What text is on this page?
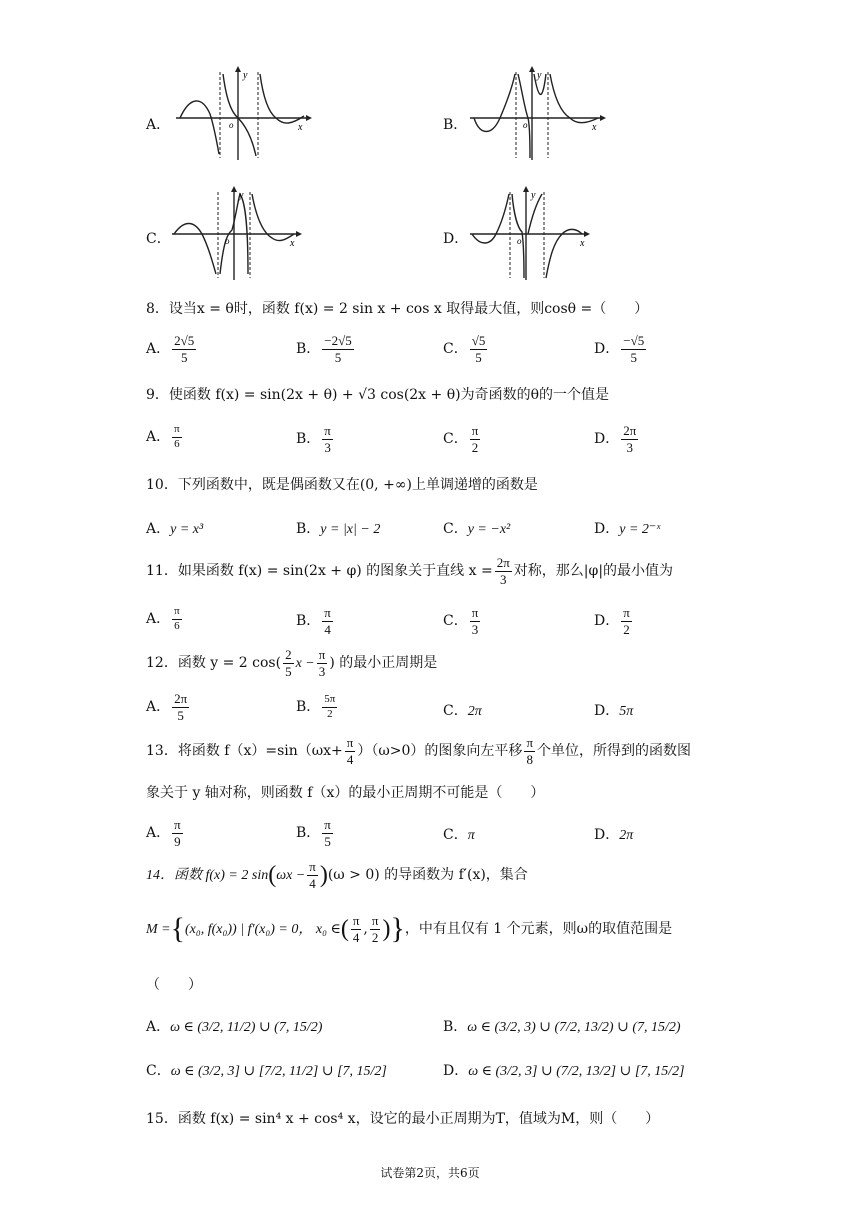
A．	x
y
o	B．	x
y
o
C．	x
y
o	D．	x
y
o
8．设当x = θ时，函数 f(x) = 2 sin x + cos x 取得最大值，则cosθ =（　　）
A． $\frac{2√5}{5}$	B． $\frac{-2√5}{5}$	C． $\frac{√5}{5}$	D． $\frac{-√5}{5}$
9．使函数 f(x) = sin(2x + θ) + √3 cos(2x + θ)为奇函数的θ的一个值是
A． $\frac{\pi}{6}$	B． $\frac{\pi}{3}$	C． $\frac{\pi}{2}$	D． $\frac{2\pi}{3}$
10．下列函数中，既是偶函数又在(0, +∞)上单调递增的函数是
A．y = x³	B．y = |x| − 2	C．y = −x²	D．y = 2⁻ˣ
11．如果函数 f(x) = sin(2x + φ) 的图象关于直线 $x = \frac{2\pi}{3}$ 对称，那么|φ|的最小值为
A． $\frac{\pi}{6}$	B． $\frac{\pi}{4}$	C． $\frac{\pi}{3}$	D． $\frac{\pi}{2}$
12．函数 y = 2 $\cos( \frac{2}{5}$ $x - \frac{\pi}{3}$ ) 的最小正周期是
A． $\frac{2\pi}{5}$	B． $\frac{5\pi}{2}$	C．2π	D．5π
13．将函数 $f(x)=\sin(\omega x+ \frac{\pi}{4} )(\omega>0)$的图象向左平移 $\frac{\pi}{8}$ 个单位，所得到的函数图
象关于 y 轴对称，则函数 f（x）的最小正周期不可能是（　　）
A． $\frac{\pi}{9}$	B． $\frac{\pi}{5}$	C．π	D．2π
14．函数 f(x) = 2 $\sin(\omega x - \frac{\pi}{4} )(\omega > 0)$ 的导函数为 f′(x)，集合
M ={(x₀, f(x₀)) | f′(x₀) = 0， x₀ ∈( $\frac{\pi}{4}$ , $\frac{\pi}{2}$ )}，中有且仅有 1 个元素，则ω的取值范围是
（　　）
A．ω ∈ (3/2, 11/2) ∪ (7, 15/2)	B．ω ∈ (3/2, 3) ∪ (7/2, 13/2) ∪ (7, 15/2)
C．ω ∈ (3/2, 3] ∪ [7/2, 11/2] ∪ [7, 15/2]	D．ω ∈ (3/2, 3] ∪ (7/2, 13/2] ∪ [7, 15/2]
15．函数 f(x) = sin⁴ x + cos⁴ x，设它的最小正周期为T，值域为M，则（　　）
试卷第2页，共6页
